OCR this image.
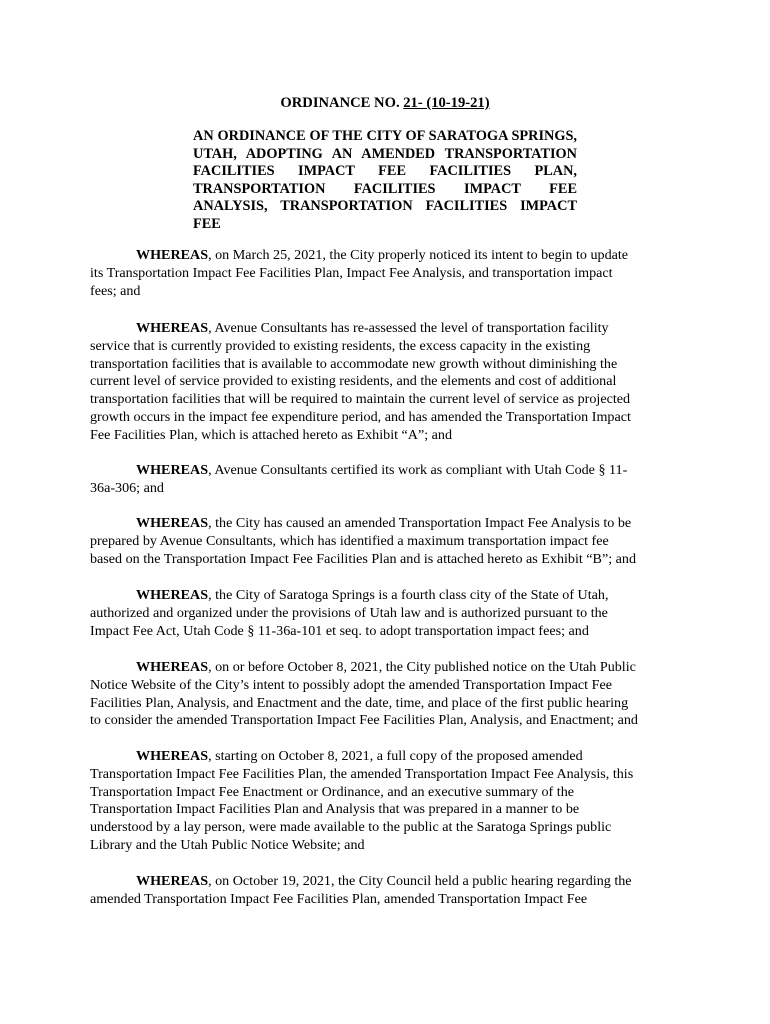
ORDINANCE NO. 21- (10-19-21)
AN ORDINANCE OF THE CITY OF SARATOGA SPRINGS, UTAH, ADOPTING AN AMENDED TRANSPORTATION FACILITIES IMPACT FEE FACILITIES PLAN, TRANSPORTATION FACILITIES IMPACT FEE ANALYSIS, TRANSPORTATION FACILITIES IMPACT FEE

WHEREAS, on March 25, 2021, the City properly noticed its intent to begin to update
its Transportation Impact Fee Facilities Plan, Impact Fee Analysis, and transportation impact
fees; and

WHEREAS, Avenue Consultants has re-assessed the level of transportation facility
service that is currently provided to existing residents, the excess capacity in the existing
transportation facilities that is available to accommodate new growth without diminishing the
current level of service provided to existing residents, and the elements and cost of additional
transportation facilities that will be required to maintain the current level of service as projected
growth occurs in the impact fee expenditure period, and has amended the Transportation Impact
Fee Facilities Plan, which is attached hereto as Exhibit “A”; and

WHEREAS, Avenue Consultants certified its work as compliant with Utah Code § 11-
36a-306; and

WHEREAS, the City has caused an amended Transportation Impact Fee Analysis to be
prepared by Avenue Consultants, which has identified a maximum transportation impact fee
based on the Transportation Impact Fee Facilities Plan and is attached hereto as Exhibit “B”; and

WHEREAS, the City of Saratoga Springs is a fourth class city of the State of Utah,
authorized and organized under the provisions of Utah law and is authorized pursuant to the
Impact Fee Act, Utah Code § 11-36a-101 et seq. to adopt transportation impact fees; and

WHEREAS, on or before October 8, 2021, the City published notice on the Utah Public
Notice Website of the City’s intent to possibly adopt the amended Transportation Impact Fee
Facilities Plan, Analysis, and Enactment and the date, time, and place of the first public hearing
to consider the amended Transportation Impact Fee Facilities Plan, Analysis, and Enactment; and

WHEREAS, starting on October 8, 2021, a full copy of the proposed amended
Transportation Impact Fee Facilities Plan, the amended Transportation Impact Fee Analysis, this
Transportation Impact Fee Enactment or Ordinance, and an executive summary of the
Transportation Impact Facilities Plan and Analysis that was prepared in a manner to be
understood by a lay person, were made available to the public at the Saratoga Springs public
Library and the Utah Public Notice Website; and

WHEREAS, on October 19, 2021, the City Council held a public hearing regarding the
amended Transportation Impact Fee Facilities Plan, amended Transportation Impact Fee
